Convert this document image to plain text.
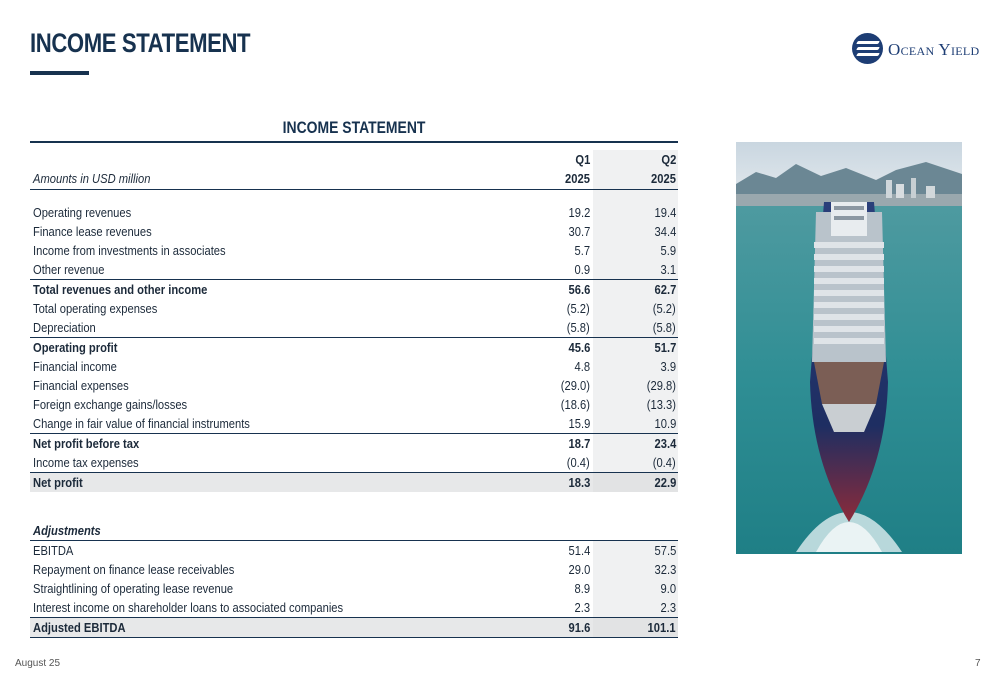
INCOME STATEMENT	Ocean Yield
INCOME STATEMENT
	Q1	Q2
Amounts in USD million	2025	2025

Operating revenues	19.2	19.4
Finance lease revenues	30.7	34.4
Income from investments in associates	5.7	5.9
Other revenue	0.9	3.1
Total revenues and other income	56.6	62.7
Total operating expenses	(5.2)	(5.2)
Depreciation	(5.8)	(5.8)
Operating profit	45.6	51.7
Financial income	4.8	3.9
Financial expenses	(29.0)	(29.8)
Foreign exchange gains/losses	(18.6)	(13.3)
Change in fair value of financial instruments	15.9	10.9
Net profit before tax	18.7	23.4
Income tax expenses	(0.4)	(0.4)
Net profit	18.3	22.9

Adjustments		
EBITDA	51.4	57.5
Repayment on finance lease receivables	29.0	32.3
Straightlining of operating lease revenue	8.9	9.0
Interest income on shareholder loans to associated companies	2.3	2.3
Adjusted EBITDA	91.6	101.1
August 25	7
